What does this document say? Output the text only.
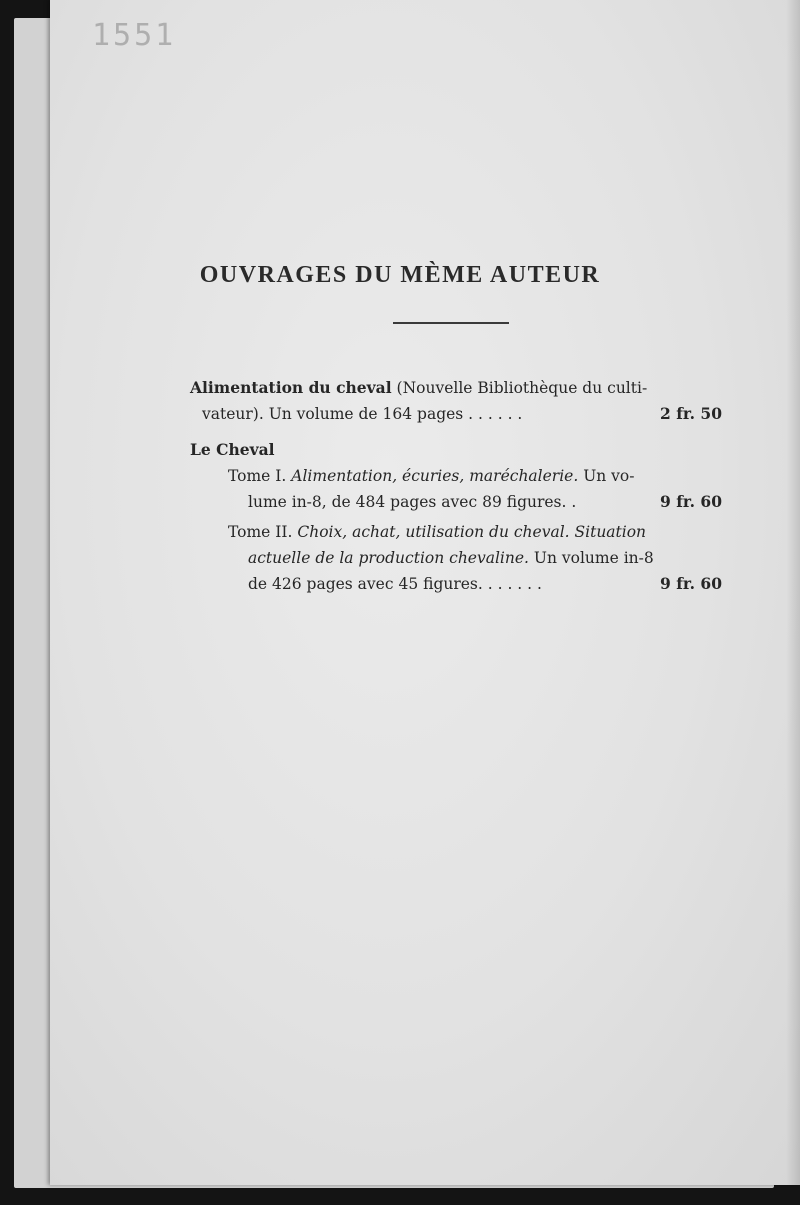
1551
OUVRAGES DU MÈME AUTEUR
Alimentation du cheval (Nouvelle Bibliothèque du culti-
vateur). Un volume de 164 pages . . . . . .	2 fr. 50
Le Cheval
Tome I. Alimentation, écuries, maréchalerie. Un vo-
lume in-8, de 484 pages avec 89 figures. .	9 fr. 60
Tome II. Choix, achat, utilisation du cheval. Situation
actuelle de la production chevaline. Un volume in-8
de 426 pages avec 45 figures. . . . . . .	9 fr. 60
